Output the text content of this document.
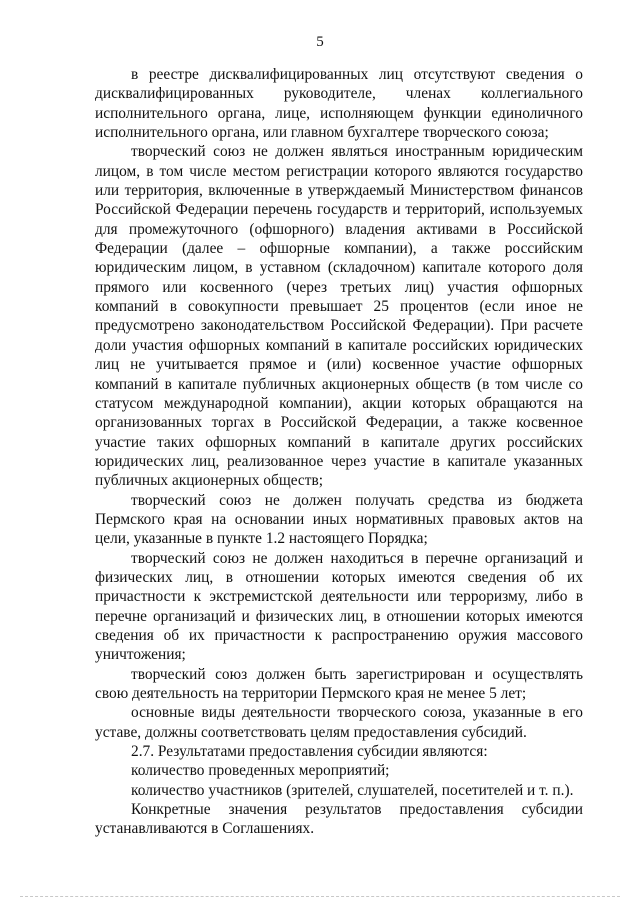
5

в реестре дисквалифицированных лиц отсутствуют сведения о дисквалифицированных руководителе, членах коллегиального исполнительного органа, лице, исполняющем функции единоличного исполнительного органа, или главном бухгалтере творческого союза;

творческий союз не должен являться иностранным юридическим лицом, в том числе местом регистрации которого являются государство или территория, включенные в утверждаемый Министерством финансов Российской Федерации перечень государств и территорий, используемых для промежуточного (офшорного) владения активами в Российской Федерации (далее – офшорные компании), а также российским юридическим лицом, в уставном (складочном) капитале которого доля прямого или косвенного (через третьих лиц) участия офшорных компаний в совокупности превышает 25 процентов (если иное не предусмотрено законодательством Российской Федерации). При расчете доли участия офшорных компаний в капитале российских юридических лиц не учитывается прямое и (или) косвенное участие офшорных компаний в капитале публичных акционерных обществ (в том числе со статусом международной компании), акции которых обращаются на организованных торгах в Российской Федерации, а также косвенное участие таких офшорных компаний в капитале других российских юридических лиц, реализованное через участие в капитале указанных публичных акционерных обществ;

творческий союз не должен получать средства из бюджета Пермского края на основании иных нормативных правовых актов на цели, указанные в пункте 1.2 настоящего Порядка;

творческий союз не должен находиться в перечне организаций и физических лиц, в отношении которых имеются сведения об их причастности к экстремистской деятельности или терроризму, либо в перечне организаций и физических лиц, в отношении которых имеются сведения об их причастности к распространению оружия массового уничтожения;

творческий союз должен быть зарегистрирован и осуществлять свою деятельность на территории Пермского края не менее 5 лет;

основные виды деятельности творческого союза, указанные в его уставе, должны соответствовать целям предоставления субсидий.

2.7. Результатами предоставления субсидии являются:

количество проведенных мероприятий;

количество участников (зрителей, слушателей, посетителей и т. п.).

Конкретные значения результатов предоставления субсидии устанавливаются в Соглашениях.
